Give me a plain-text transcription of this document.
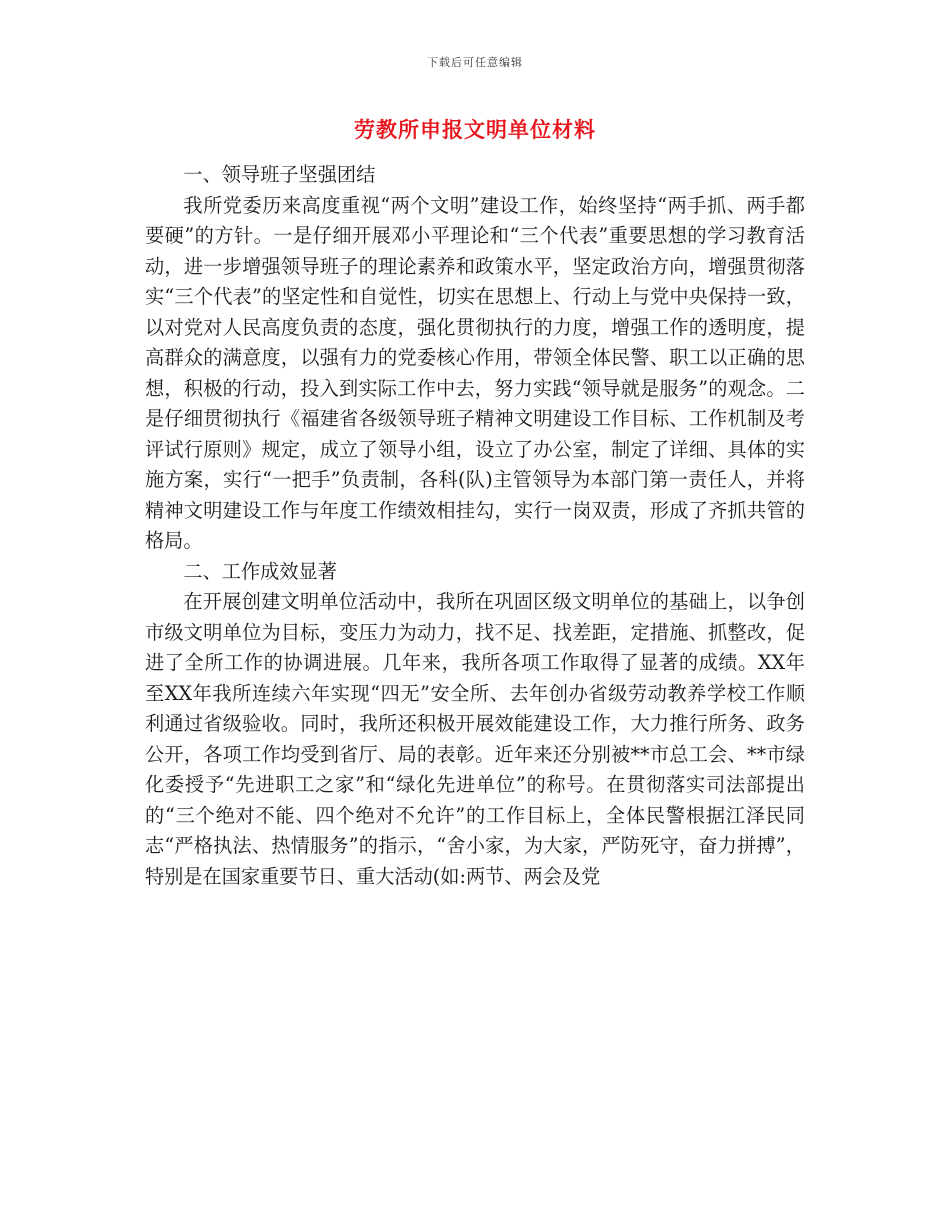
下载后可任意编辑
劳教所申报文明单位材料

一、领导班子坚强团结

我所党委历来高度重视“两个文明”建设工作，始终坚持“两手抓、两手都要硬”的方针。一是仔细开展邓小平理论和“三个代表”重要思想的学习教育活动，进一步增强领导班子的理论素养和政策水平，坚定政治方向，增强贯彻落实“三个代表”的坚定性和自觉性，切实在思想上、行动上与党中央保持一致，以对党对人民高度负责的态度，强化贯彻执行的力度，增强工作的透明度，提高群众的满意度，以强有力的党委核心作用，带领全体民警、职工以正确的思想，积极的行动，投入到实际工作中去，努力实践“领导就是服务”的观念。二是仔细贯彻执行《福建省各级领导班子精神文明建设工作目标、工作机制及考评试行原则》规定，成立了领导小组，设立了办公室，制定了详细、具体的实施方案，实行“一把手”负责制，各科(队)主管领导为本部门第一责任人，并将精神文明建设工作与年度工作绩效相挂勾，实行一岗双责，形成了齐抓共管的格局。

二、工作成效显著

在开展创建文明单位活动中，我所在巩固区级文明单位的基础上，以争创市级文明单位为目标，变压力为动力，找不足、找差距，定措施、抓整改，促进了全所工作的协调进展。几年来，我所各项工作取得了显著的成绩。XX年至XX年我所连续六年实现“四无”安全所、去年创办省级劳动教养学校工作顺利通过省级验收。同时，我所还积极开展效能建设工作，大力推行所务、政务公开，各项工作均受到省厅、局的表彰。近年来还分别被**市总工会、**市绿化委授予“先进职工之家”和“绿化先进单位”的称号。在贯彻落实司法部提出的“三个绝对不能、四个绝对不允许”的工作目标上，全体民警根据江泽民同志“严格执法、热情服务”的指示，“舍小家，为大家，严防死守，奋力拼搏”，特别是在国家重要节日、重大活动(如:两节、两会及党
